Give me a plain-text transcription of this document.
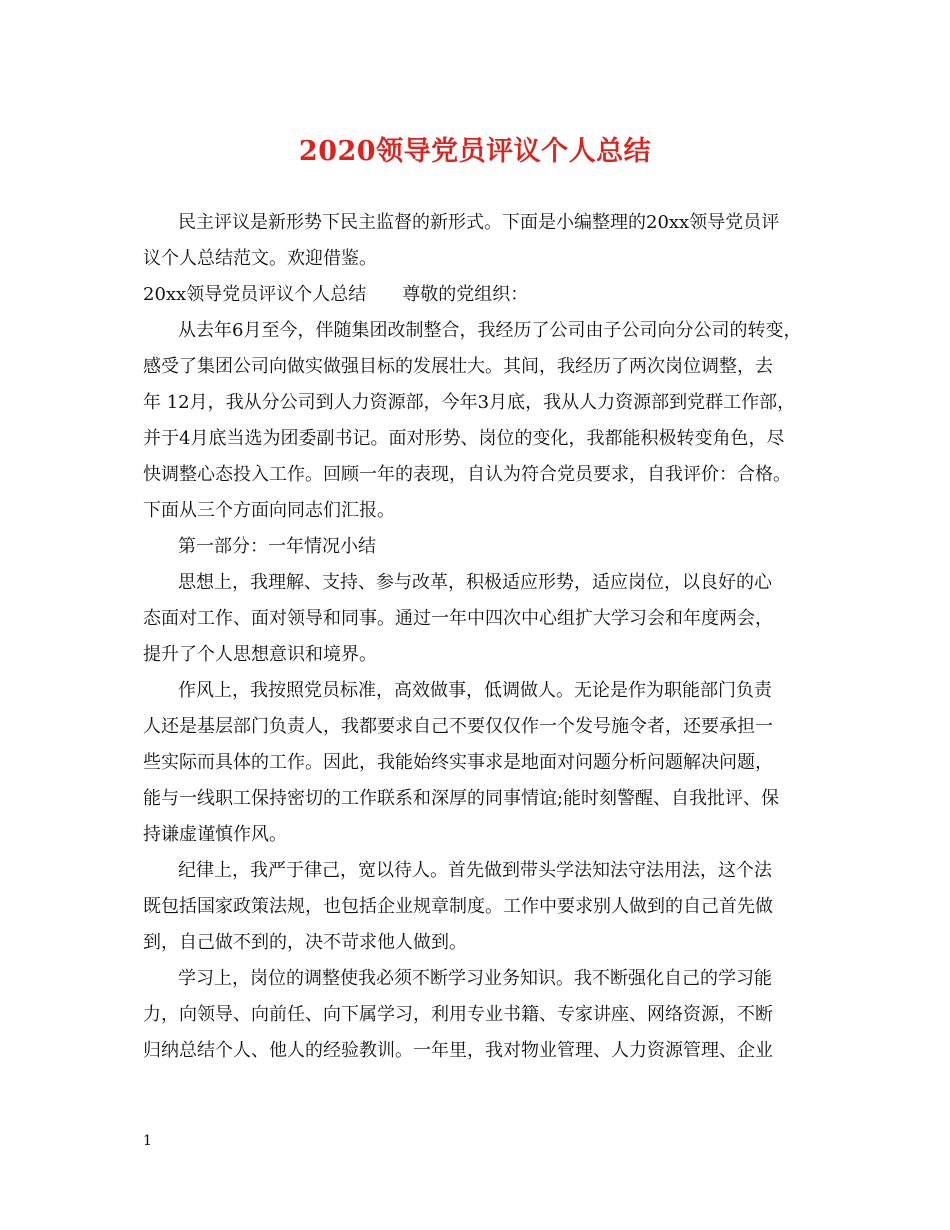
2020领导党员评议个人总结
民主评议是新形势下民主监督的新形式。下面是小编整理的20xx领导党员评
议个人总结范文。欢迎借鉴。
20xx领导党员评议个人总结 尊敬的党组织：
从去年6月至今，伴随集团改制整合，我经历了公司由子公司向分公司的转变，
感受了集团公司向做实做强目标的发展壮大。其间，我经历了两次岗位调整，去
年 12月，我从分公司到人力资源部，今年3月底，我从人力资源部到党群工作部，
并于4月底当选为团委副书记。面对形势、岗位的变化，我都能积极转变角色，尽
快调整心态投入工作。回顾一年的表现，自认为符合党员要求，自我评价：合格。
下面从三个方面向同志们汇报。
第一部分：一年情况小结
思想上，我理解、支持、参与改革，积极适应形势，适应岗位，以良好的心
态面对工作、面对领导和同事。通过一年中四次中心组扩大学习会和年度两会，
提升了个人思想意识和境界。
作风上，我按照党员标准，高效做事，低调做人。无论是作为职能部门负责
人还是基层部门负责人，我都要求自己不要仅仅作一个发号施令者，还要承担一
些实际而具体的工作。因此，我能始终实事求是地面对问题分析问题解决问题，
能与一线职工保持密切的工作联系和深厚的同事情谊;能时刻警醒、自我批评、保
持谦虚谨慎作风。
纪律上，我严于律己，宽以待人。首先做到带头学法知法守法用法，这个法
既包括国家政策法规，也包括企业规章制度。工作中要求别人做到的自己首先做
到，自己做不到的，决不苛求他人做到。
学习上，岗位的调整使我必须不断学习业务知识。我不断强化自己的学习能
力，向领导、向前任、向下属学习，利用专业书籍、专家讲座、网络资源，不断
归纳总结个人、他人的经验教训。一年里，我对物业管理、人力资源管理、企业
1
